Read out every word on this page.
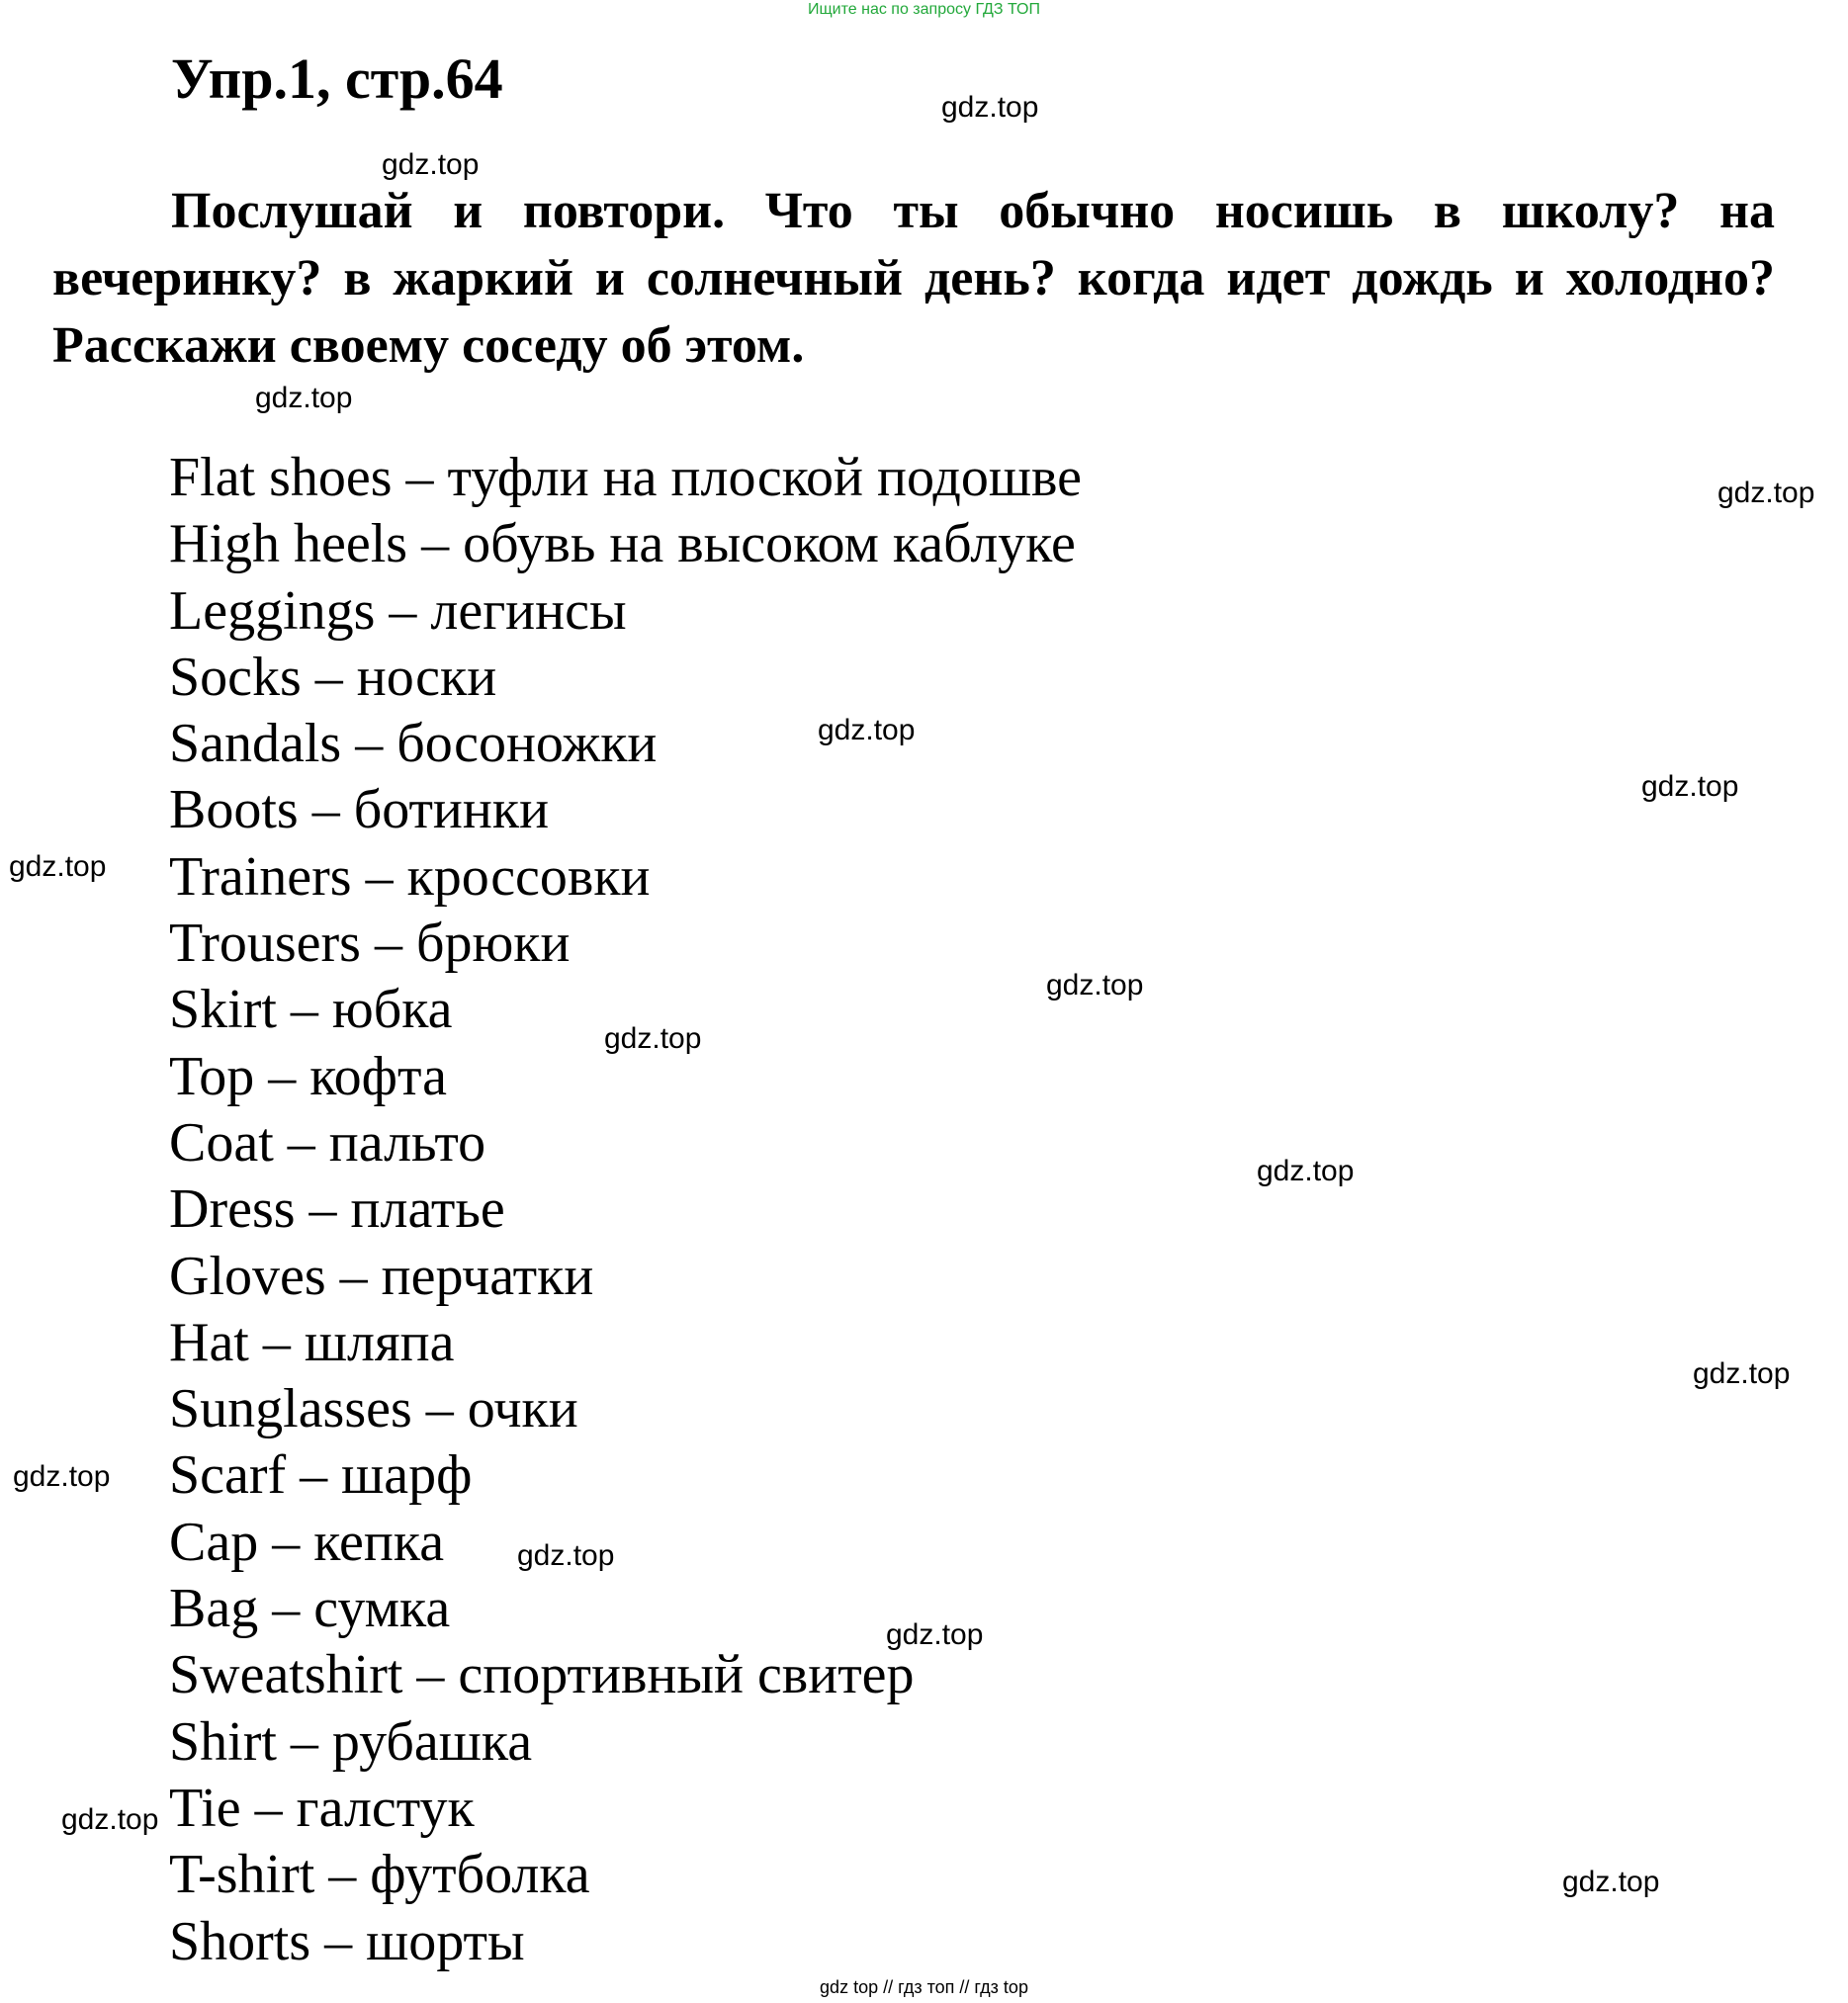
Ищите нас по запросу ГДЗ ТОП
Упр.1, стр.64

Послушай и повтори. Что ты обычно носишь в школу? на вечеринку? в жаркий и солнечный день? когда идет дождь и холодно? Расскажи своему соседу об этом.

Flat shoes – туфли на плоской подошве
High heels – обувь на высоком каблуке
Leggings – легинсы
Socks – носки
Sandals – босоножки
Boots – ботинки
Trainers – кроссовки
Trousers – брюки
Skirt – юбка
Top – кофта
Coat – пальто
Dress – платье
Gloves – перчатки
Hat – шляпа
Sunglasses – очки
Scarf – шарф
Cap – кепка
Bag – сумка
Sweatshirt – спортивный свитер
Shirt – рубашка
Tie – галстук
T-shirt – футболка
Shorts – шорты
gdz.top
gdz.top
gdz.top
gdz.top
gdz.top
gdz.top
gdz.top
gdz.top
gdz.top
gdz.top
gdz.top
gdz.top
gdz.top
gdz.top
gdz.top
gdz.top
gdz top // гдз топ // гдз top
